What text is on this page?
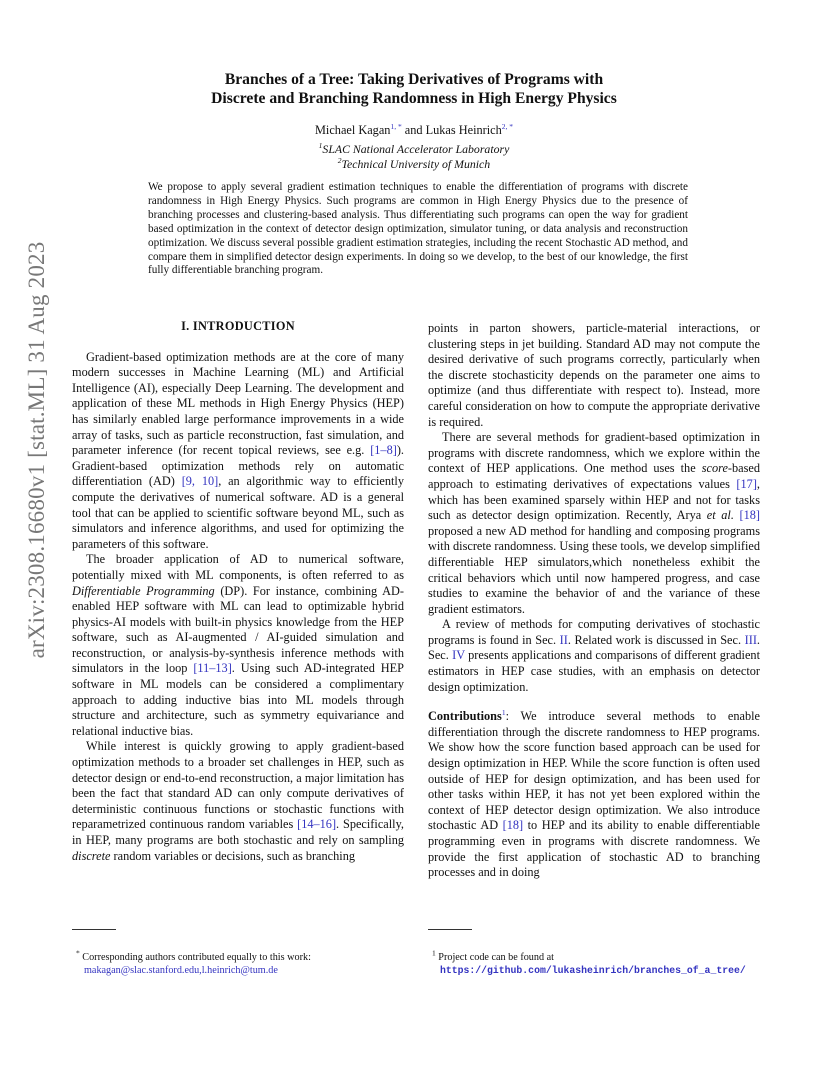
arXiv:2308.16680v1 [stat.ML] 31 Aug 2023
Branches of a Tree: Taking Derivatives of Programs with
Discrete and Branching Randomness in High Energy Physics
Michael Kagan$^{1, *}$ and Lukas Heinrich$^{2, *}$
$^1$SLAC National Accelerator Laboratory
$^2$Technical University of Munich
We propose to apply several gradient estimation techniques to enable the differentiation of programs with discrete randomness in High Energy Physics. Such programs are common in High Energy Physics due to the presence of branching processes and clustering-based analysis. Thus differentiating such programs can open the way for gradient based optimization in the context of detector design optimization, simulator tuning, or data analysis and reconstruction optimization. We discuss several possible gradient estimation strategies, including the recent Stochastic AD method, and compare them in simplified detector design experiments. In doing so we develop, to the best of our knowledge, the first fully differentiable branching program.
I. INTRODUCTION

Gradient-based optimization methods are at the core of many modern successes in Machine Learning (ML) and Artificial Intelligence (AI), especially Deep Learning. The development and application of these ML methods in High Energy Physics (HEP) has similarly enabled large performance improvements in a wide array of tasks, such as particle reconstruction, fast simulation, and parameter inference (for recent topical reviews, see e.g. [1–8]). Gradient-based optimization methods rely on automatic differentiation (AD) [9, 10], an algorithmic way to efficiently compute the derivatives of numerical software. AD is a general tool that can be applied to scientific software beyond ML, such as simulators and inference algorithms, and used for optimizing the parameters of this software.

The broader application of AD to numerical software, potentially mixed with ML components, is often referred to as Differentiable Programming (DP). For instance, combining AD-enabled HEP software with ML can lead to optimizable hybrid physics-AI models with built-in physics knowledge from the HEP software, such as AI-augmented / AI-guided simulation and reconstruction, or analysis-by-synthesis inference methods with simulators in the loop [11–13]. Using such AD-integrated HEP software in ML models can be considered a complimentary approach to adding inductive bias into ML models through structure and architecture, such as symmetry equivariance and relational inductive bias.

While interest is quickly growing to apply gradient-based optimization methods to a broader set challenges in HEP, such as detector design or end-to-end reconstruction, a major limitation has been the fact that standard AD can only compute derivatives of deterministic continuous functions or stochastic functions with reparametrized continuous random variables [14–16]. Specifically, in HEP, many programs are both stochastic and rely on sampling discrete random variables or decisions, such as branching

points in parton showers, particle-material interactions, or clustering steps in jet building. Standard AD may not compute the desired derivative of such programs correctly, particularly when the discrete stochasticity depends on the parameter one aims to optimize (and thus differentiate with respect to). Instead, more careful consideration on how to compute the appropriate derivative is required.

There are several methods for gradient-based optimization in programs with discrete randomness, which we explore within the context of HEP applications. One method uses the score-based approach to estimating derivatives of expectations values [17], which has been examined sparsely within HEP and not for tasks such as detector design optimization. Recently, Arya et al. [18] proposed a new AD method for handling and composing programs with discrete randomness. Using these tools, we develop simplified differentiable HEP simulators,which nonetheless exhibit the critical behaviors which until now hampered progress, and case studies to examine the behavior of and the variance of these gradient estimators.

A review of methods for computing derivatives of stochastic programs is found in Sec. II. Related work is discussed in Sec. III. Sec. IV presents applications and comparisons of different gradient estimators in HEP case studies, with an emphasis on detector design optimization.

Contributions$^1$: We introduce several methods to enable differentiation through the discrete randomness to HEP programs. We show how the score function based approach can be used for design optimization in HEP. While the score function is often used outside of HEP for design optimization, and has been used for other tasks within HEP, it has not yet been explored within the context of HEP detector design optimization. We also introduce stochastic AD [18] to HEP and its ability to enable differentiable programming even in programs with discrete randomness. We provide the first application of stochastic AD to branching processes and in doing

* Corresponding authors contributed equally to this work:
makagan@slac.stanford.edu,l.heinrich@tum.de
$^1$ Project code can be found at
https://github.com/lukasheinrich/branches_of_a_tree/
